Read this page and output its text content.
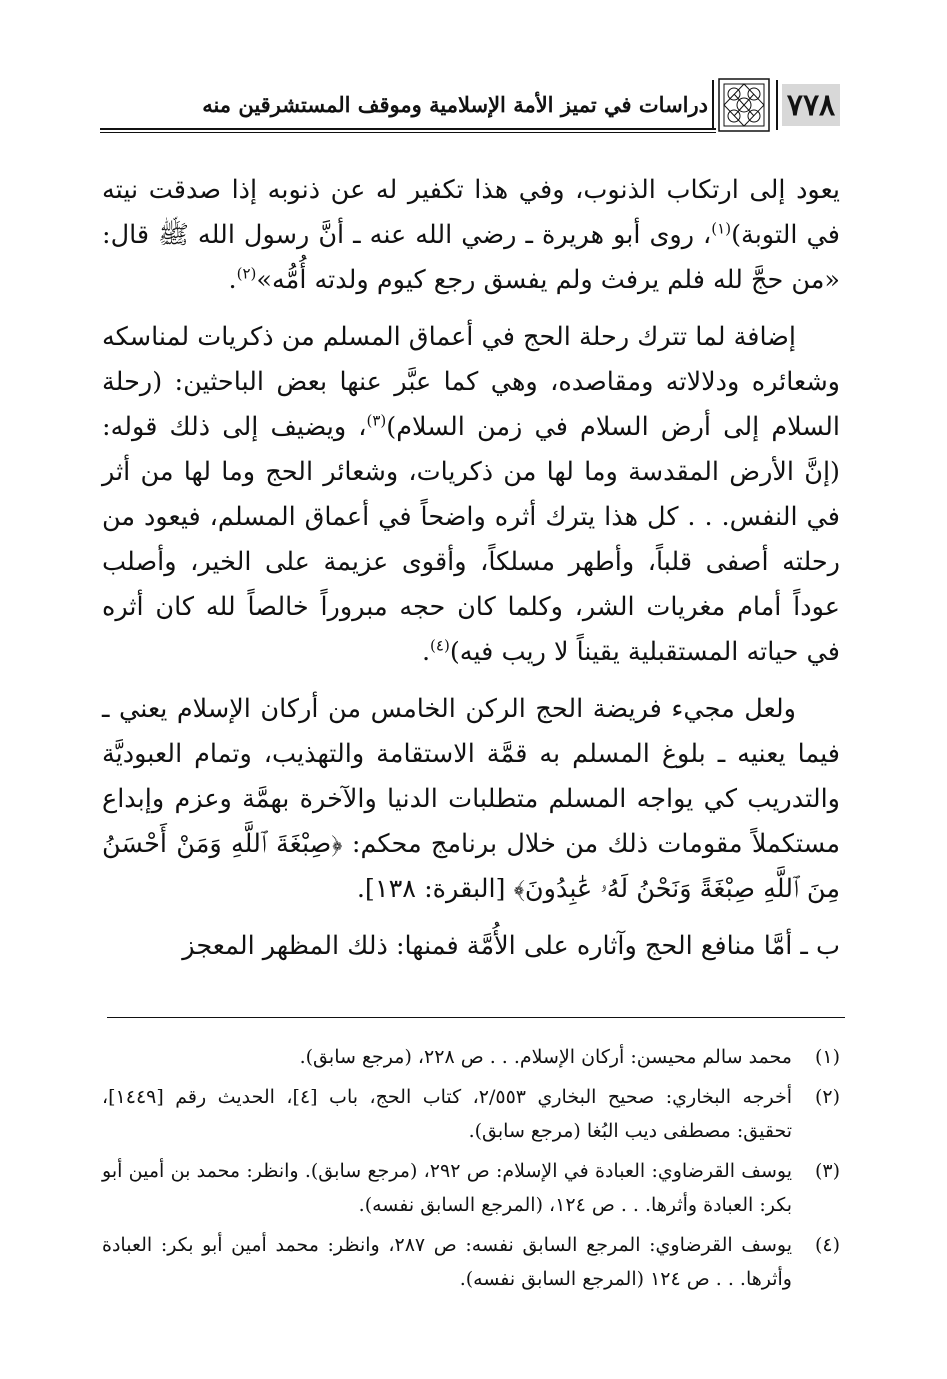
٧٧٨
دراسات في تميز الأمة الإسلامية وموقف المستشرقين منه

يعود إلى ارتكاب الذنوب، وفي هذا تكفير له عن ذنوبه إذا صدقت نيته في التوبة)$^{(١)}$، روى أبو هريرة ـ رضي الله عنه ـ أنَّ رسول الله ﷺ قال: «من حجَّ لله فلم يرفث ولم يفسق رجع كيوم ولدته أُمُّه»$^{(٢)}$.

إضافة لما تترك رحلة الحج في أعماق المسلم من ذكريات لمناسكه وشعائره ودلالاته ومقاصده، وهي كما عبَّر عنها بعض الباحثين: (رحلة السلام إلى أرض السلام في زمن السلام)$^{(٣)}$، ويضيف إلى ذلك قوله: (إنَّ الأرض المقدسة وما لها من ذكريات، وشعائر الحج وما لها من أثر في النفس. . . كل هذا يترك أثره واضحاً في أعماق المسلم، فيعود من رحلته أصفى قلباً، وأطهر مسلكاً، وأقوى عزيمة على الخير، وأصلب عوداً أمام مغريات الشر، وكلما كان حجه مبروراً خالصاً لله كان أثره في حياته المستقبلية يقيناً لا ريب فيه)$^{(٤)}$.

ولعل مجيء فريضة الحج الركن الخامس من أركان الإسلام يعني ـ فيما يعنيه ـ بلوغ المسلم به قمَّة الاستقامة والتهذيب، وتمام العبوديَّة والتدريب كي يواجه المسلم متطلبات الدنيا والآخرة بهمَّة وعزم وإبداع مستكملاً مقومات ذلك من خلال برنامج محكم: ﴿صِبْغَةَ ٱللَّهِ وَمَنْ أَحْسَنُ مِنَ ٱللَّهِ صِبْغَةً وَنَحْنُ لَهُۥ عَٰبِدُونَ﴾ [البقرة: ١٣٨].

ب ـ أمَّا منافع الحج وآثاره على الأُمَّة فمنها: ذلك المظهر المعجز

(١)
محمد سالم محيسن: أركان الإسلام. . . ص ٢٢٨، (مرجع سابق).
(٢)
أخرجه البخاري: صحيح البخاري ٢/٥٥٣، كتاب الحج، باب [٤]، الحديث رقم [١٤٤٩]، تحقيق: مصطفى ديب البُغا (مرجع سابق).
(٣)
يوسف القرضاوي: العبادة في الإسلام: ص ٢٩٢، (مرجع سابق). وانظر: محمد بن أمين أبو بكر: العبادة وأثرها. . . ص ١٢٤، (المرجع السابق نفسه).
(٤)
يوسف القرضاوي: المرجع السابق نفسه: ص ٢٨٧، وانظر: محمد أمين أبو بكر: العبادة وأثرها. . . ص ١٢٤ (المرجع السابق نفسه).
